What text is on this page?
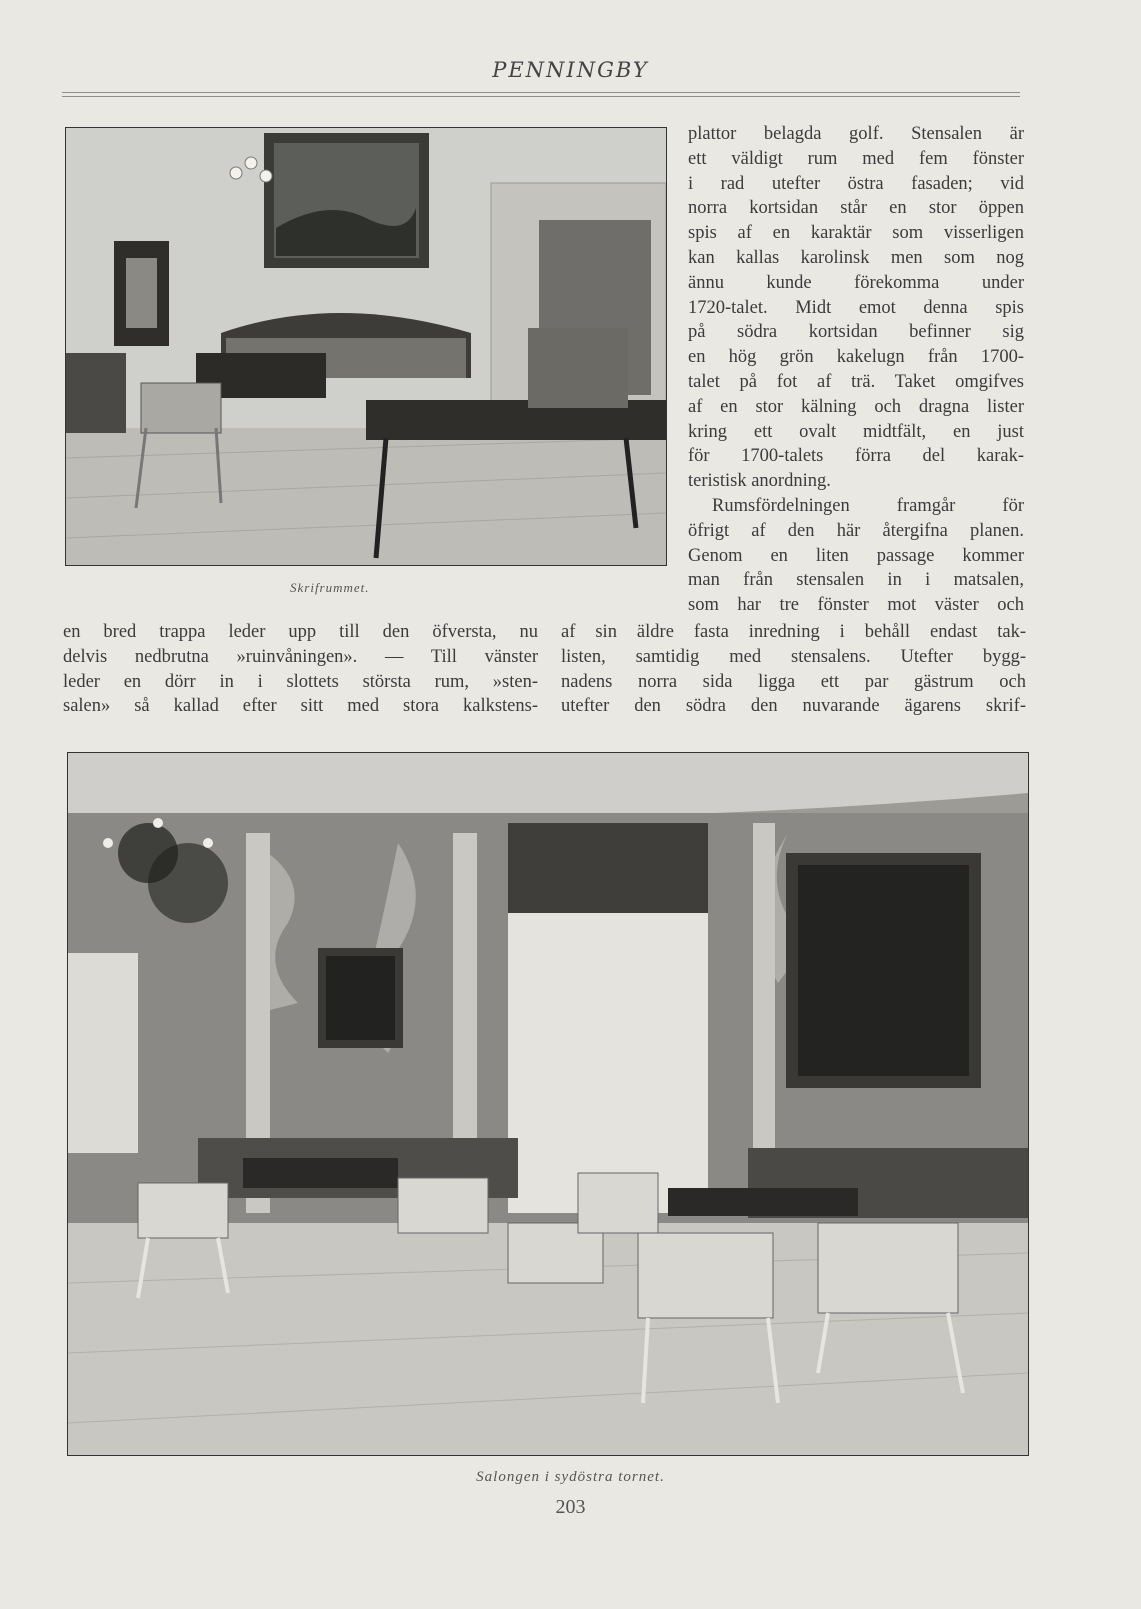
PENNINGBY
Skrifrummet.
plattor belagda golf. Stensalen är
ett väldigt rum med fem fönster
i rad utefter östra fasaden; vid
norra kortsidan står en stor öppen
spis af en karaktär som visserligen
kan kallas karolinsk men som nog
ännu kunde förekomma under
1720-talet. Midt emot denna spis
på södra kortsidan befinner sig
en hög grön kakelugn från 1700-
talet på fot af trä. Taket omgifves
af en stor kälning och dragna lister
kring ett ovalt midtfält, en just
för 1700-talets förra del karak-
teristisk anordning.
Rumsfördelningen framgår för
öfrigt af den här återgifna planen.
Genom en liten passage kommer
man från stensalen in i matsalen,
som har tre fönster mot väster och
en bred trappa leder upp till den öfversta, nu
delvis nedbrutna »ruinvåningen». — Till vänster
leder en dörr in i slottets största rum, »sten-
salen» så kallad efter sitt med stora kalkstens-
af sin äldre fasta inredning i behåll endast tak-
listen, samtidig med stensalens. Utefter bygg-
nadens norra sida ligga ett par gästrum och
utefter den södra den nuvarande ägarens skrif-
Salongen i sydöstra tornet.
203
